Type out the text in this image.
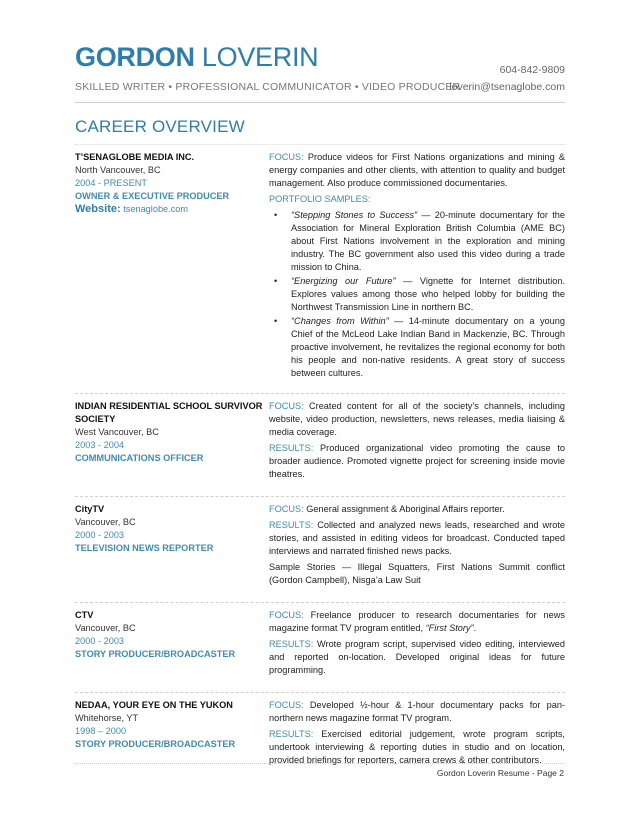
GORDON LOVERIN	604-842-9809
SKILLED WRITER • PROFESSIONAL COMMUNICATOR • VIDEO PRODUCER
loverin@tsenaglobe.com
CAREER OVERVIEW
T’SENAGLOBE MEDIA INC.
North Vancouver, BC
2004 - PRESENT
OWNER & EXECUTIVE PRODUCER
Website: tsenaglobe.com

FOCUS: Produce videos for First Nations organizations and mining & energy companies and other clients, with attention to quality and budget management. Also produce commissioned documentaries.

PORTFOLIO SAMPLES:
• “Stepping Stones to Success” — 20-minute documentary for the Association for Mineral Exploration British Columbia (AME BC) about First Nations involvement in the exploration and mining industry. The BC government also used this video during a trade mission to China.
• “Energizing our Future” — Vignette for Internet distribution. Explores values among those who helped lobby for building the Northwest Transmission Line in northern BC.
• “Changes from Within” — 14-minute documentary on a young Chief of the McLeod Lake Indian Band in Mackenzie, BC. Through proactive involvement, he revitalizes the regional economy for both his people and non-native residents. A great story of success between cultures.
INDIAN RESIDENTIAL SCHOOL SURVIVOR SOCIETY
West Vancouver, BC
2003 - 2004
COMMUNICATIONS OFFICER

FOCUS: Created content for all of the society’s channels, including website, video production, newsletters, news releases, media liaising & media coverage.

RESULTS: Produced organizational video promoting the cause to broader audience. Promoted vignette project for screening inside movie theatres.

CityTV
Vancouver, BC
2000 - 2003
TELEVISION NEWS REPORTER

FOCUS: General assignment & Aboriginal Affairs reporter.

RESULTS: Collected and analyzed news leads, researched and wrote stories, and assisted in editing videos for broadcast. Conducted taped interviews and narrated finished news packs.

Sample Stories — Illegal Squatters, First Nations Summit conflict (Gordon Campbell), Nisga’a Law Suit

CTV
Vancouver, BC
2000 - 2003
STORY PRODUCER/BROADCASTER

FOCUS: Freelance producer to research documentaries for news magazine format TV program entitled, “First Story”.

RESULTS: Wrote program script, supervised video editing, interviewed and reported on-location. Developed original ideas for future programming.

NEDAA, YOUR EYE ON THE YUKON
Whitehorse, YT
1998 – 2000
STORY PRODUCER/BROADCASTER

FOCUS: Developed ½-hour & 1-hour documentary packs for pan-northern news magazine format TV program.

RESULTS: Exercised editorial judgement, wrote program scripts, undertook interviewing & reporting duties in studio and on location, provided briefings for reporters, camera crews & other contributors.

Gordon Loverin Resume - Page 2
